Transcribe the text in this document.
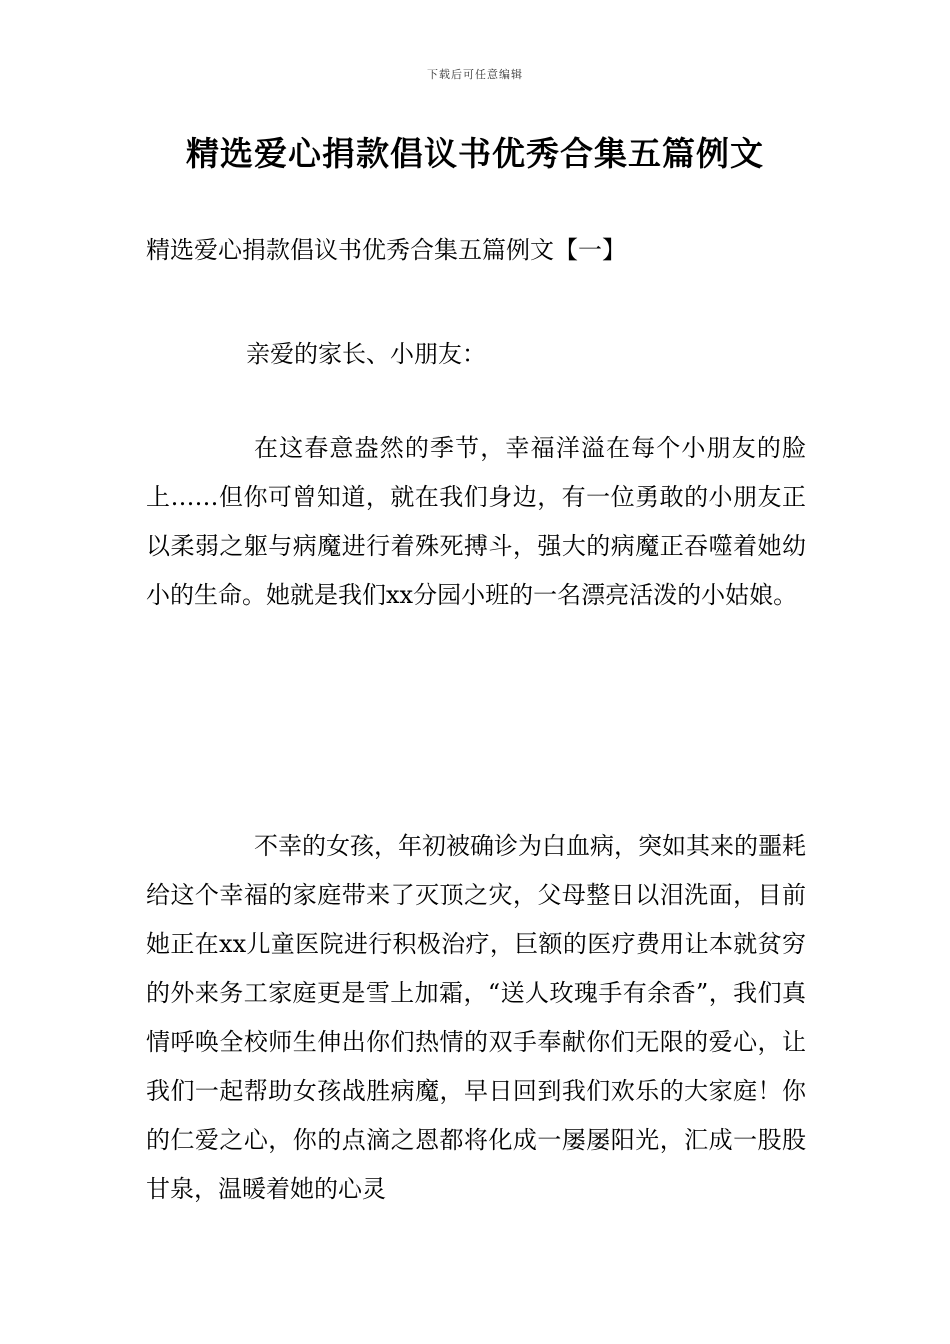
下载后可任意编辑
精选爱心捐款倡议书优秀合集五篇例文
精选爱心捐款倡议书优秀合集五篇例文【一】
亲爱的家长、小朋友：

在这春意盎然的季节，幸福洋溢在每个小朋友的脸上……但你可曾知道，就在我们身边，有一位勇敢的小朋友正以柔弱之躯与病魔进行着殊死搏斗，强大的病魔正吞噬着她幼小的生命。她就是我们xx分园小班的一名漂亮活泼的小姑娘。

不幸的女孩，年初被确诊为白血病，突如其来的噩耗给这个幸福的家庭带来了灭顶之灾，父母整日以泪洗面，目前她正在xx儿童医院进行积极治疗，巨额的医疗费用让本就贫穷的外来务工家庭更是雪上加霜，“送人玫瑰手有余香”，我们真情呼唤全校师生伸出你们热情的双手奉献你们无限的爱心，让我们一起帮助女孩战胜病魔，早日回到我们欢乐的大家庭！你的仁爱之心，你的点滴之恩都将化成一屡屡阳光，汇成一股股甘泉，温暖着她的心灵
